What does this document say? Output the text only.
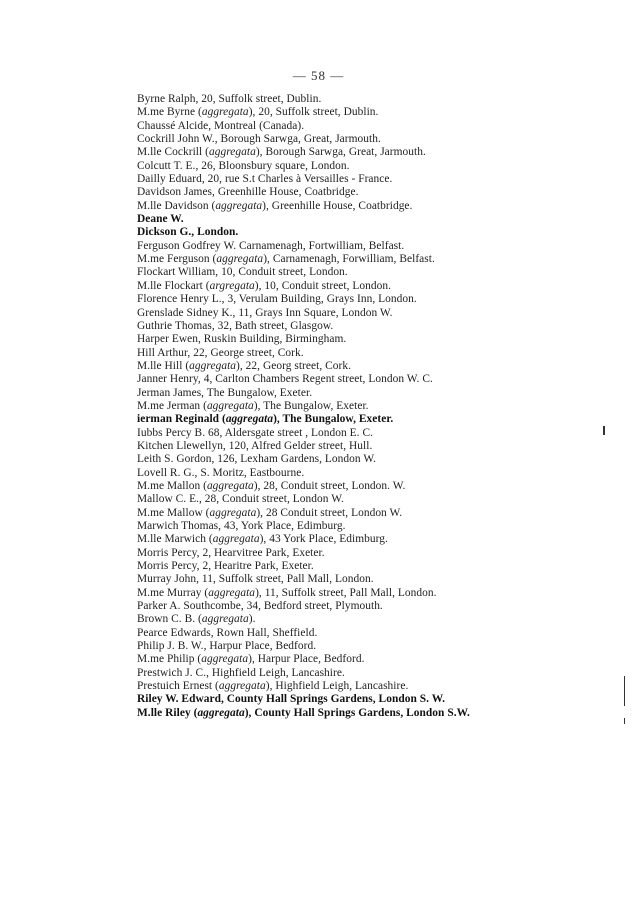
— 58 —
Byrne Ralph, 20, Suffolk street, Dublin.
M.me Byrne (aggregata), 20, Suffolk street, Dublin.
Chaussé Alcide, Montreal (Canada).
Cockrill John W., Borough Sarwga, Great, Jarmouth.
M.lle Cockrill (aggregata), Borough Sarwga, Great, Jarmouth.
Colcutt T. E., 26, Bloonsbury square, London.
Dailly Eduard, 20, rue S.t Charles à Versailles - France.
Davidson James, Greenhille House, Coatbridge.
M.lle Davidson (aggregata), Greenhille House, Coatbridge.
Deane W.
Dickson G., London.
Ferguson Godfrey W. Carnamenagh, Fortwilliam, Belfast.
M.me Ferguson (aggregata), Carnamenagh, Forwilliam, Belfast.
Flockart William, 10, Conduit street, London.
M.lle Flockart (argregata), 10, Conduit street, London.
Florence Henry L., 3, Verulam Building, Grays Inn, London.
Grenslade Sidney K., 11, Grays Inn Square, London W.
Guthrie Thomas, 32, Bath street, Glasgow.
Harper Ewen, Ruskin Building, Birmingham.
Hill Arthur, 22, George street, Cork.
M.lle Hill (aggregata), 22, Georg street, Cork.
Janner Henry, 4, Carlton Chambers Regent street, London W. C.
Jerman James, The Bungalow, Exeter.
M.me Jerman (aggregata), The Bungalow, Exeter.
ierman Reginald (aggregata), The Bungalow, Exeter.
Iubbs Percy B. 68, Aldersgate street , London E. C.
Kitchen Llewellyn, 120, Alfred Gelder street, Hull.
Leith S. Gordon, 126, Lexham Gardens, London W.
Lovell R. G., S. Moritz, Eastbourne.
M.me Mallon (aggregata), 28, Conduit street, London. W.
Mallow C. E., 28, Conduit street, London W.
M.me Mallow (aggregata), 28 Conduit street, London W.
Marwich Thomas, 43, York Place, Edimburg.
M.lle Marwich (aggregata), 43 York Place, Edimburg.
Morris Percy, 2, Hearvitree Park, Exeter.
Morris Percy, 2, Hearitre Park, Exeter.
Murray John, 11, Suffolk street, Pall Mall, London.
M.me Murray (aggregata), 11, Suffolk street, Pall Mall, London.
Parker A. Southcombe, 34, Bedford street, Plymouth.
Brown C. B. (aggregata).
Pearce Edwards, Rown Hall, Sheffield.
Philip J. B. W., Harpur Place, Bedford.
M.me Philip (aggregata), Harpur Place, Bedford.
Prestwich J. C., Highfield Leigh, Lancashire.
Prestuich Ernest (aggregata), Highfield Leigh, Lancashire.
Riley W. Edward, County Hall Springs Gardens, London S. W.
M.lle Riley (aggregata), County Hall Springs Gardens, London S.W.
